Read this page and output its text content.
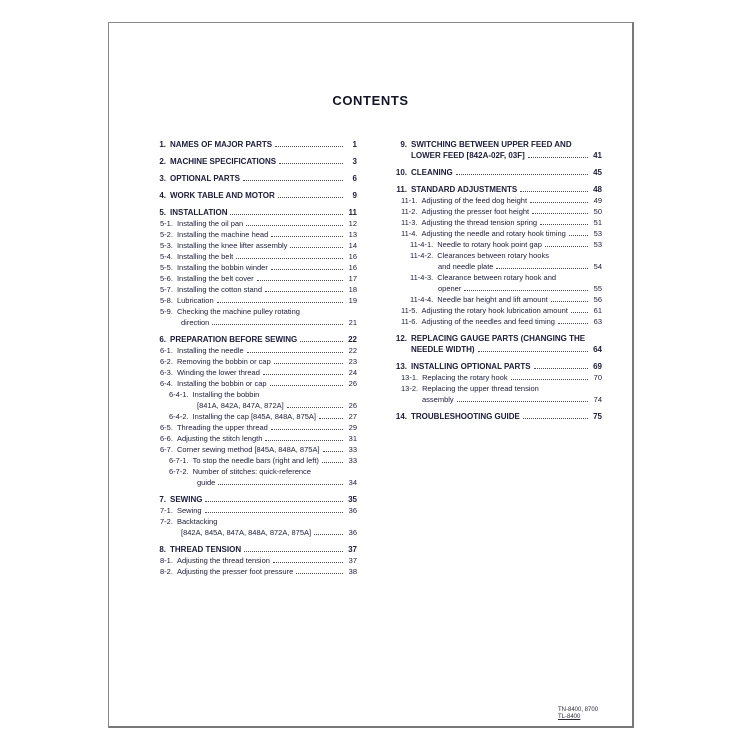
CONTENTS
1. NAMES OF MAJOR PARTS	1
2. MACHINE SPECIFICATIONS	3
3. OPTIONAL PARTS	6
4. WORK TABLE AND MOTOR	9
5. INSTALLATION	11
5-1. Installing the oil pan	12
5-2. Installing the machine head	13
5-3. Installing the knee lifter assembly	14
5-4. Installing the belt	16
5-5. Installing the bobbin winder	16
5-6. Installing the belt cover	17
5-7. Installing the cotton stand	18
5-8. Lubrication	19
5-9. Checking the machine pulley rotating
direction	21
6. PREPARATION BEFORE SEWING	22
6-1. Installing the needle	22
6-2. Removing the bobbin or cap	23
6-3. Winding the lower thread	24
6-4. Installing the bobbin or cap	26
6-4-1. Installing the bobbin
[841A, 842A, 847A, 872A]	26
6-4-2. Installing the cap [845A, 848A, 875A]	27
6-5. Threading the upper thread	29
6-6. Adjusting the stitch length	31
6-7. Corner sewing method [845A, 848A, 875A]	33
6-7-1. To stop the needle bars (right and left)	33
6-7-2. Number of stitches: quick-reference
guide	34
7. SEWING	35
7-1. Sewing	36
7-2. Backtacking
[842A, 845A, 847A, 848A, 872A, 875A]	36
8. THREAD TENSION	37
8-1. Adjusting the thread tension	37
8-2. Adjusting the presser foot pressure	38
9. SWITCHING BETWEEN UPPER FEED AND
LOWER FEED [842A-02F, 03F]	41
10. CLEANING	45
11. STANDARD ADJUSTMENTS	48
11-1. Adjusting of the feed dog height	49
11-2. Adjusting the presser foot height	50
11-3. Adjusting the thread tension spring	51
11-4. Adjusting the needle and rotary hook timing	53
11-4-1. Needle to rotary hook point gap	53
11-4-2. Clearances between rotary hooks
and needle plate	54
11-4-3. Clearance between rotary hook and
opener	55
11-4-4. Needle bar height and lift amount	56
11-5. Adjusting the rotary hook lubrication amount	61
11-6. Adjusting of the needles and feed timing	63
12. REPLACING GAUGE PARTS (CHANGING THE
NEEDLE WIDTH)	64
13. INSTALLING OPTIONAL PARTS	69
13-1. Replacing the rotary hook	70
13-2. Replacing the upper thread tension
assembly	74
14. TROUBLESHOOTING GUIDE	75
TN-8400, 8700
TL-8400
